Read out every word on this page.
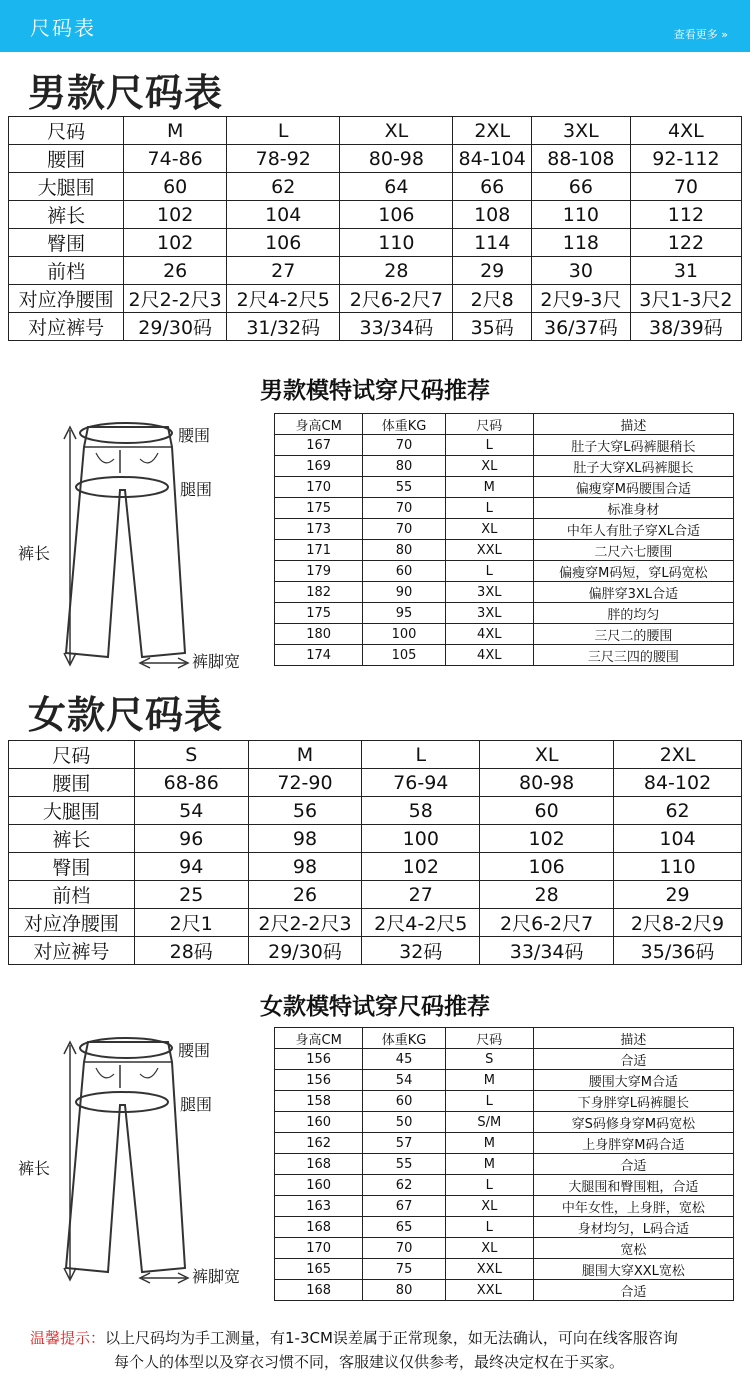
尺码表	查看更多 »
男款尺码表
尺码	M	L	XL	2XL	3XL	4XL
腰围	74-86	78-92	80-98	84-104	88-108	92-112
大腿围	60	62	64	66	66	70
裤长	102	104	106	108	110	112
臀围	102	106	110	114	118	122
前档	26	27	28	29	30	31
对应净腰围	2尺2-2尺3	2尺4-2尺5	2尺6-2尺7	2尺8	2尺9-3尺	3尺1-3尺2
对应裤号	29/30码	31/32码	33/34码	35码	36/37码	38/39码
男款模特试穿尺码推荐
腰围
腿围
裤长
裤脚宽
身高CM	体重KG	尺码	描述
167	70	L	肚子大穿L码裤腿稍长
169	80	XL	肚子大穿XL码裤腿长
170	55	M	偏瘦穿M码腰围合适
175	70	L	标准身材
173	70	XL	中年人有肚子穿XL合适
171	80	XXL	二尺六七腰围
179	60	L	偏瘦穿M码短，穿L码宽松
182	90	3XL	偏胖穿3XL合适
175	95	3XL	胖的均匀
180	100	4XL	三尺二的腰围
174	105	4XL	三尺三四的腰围
女款尺码表
尺码	S	M	L	XL	2XL
腰围	68-86	72-90	76-94	80-98	84-102
大腿围	54	56	58	60	62
裤长	96	98	100	102	104
臀围	94	98	102	106	110
前档	25	26	27	28	29
对应净腰围	2尺1	2尺2-2尺3	2尺4-2尺5	2尺6-2尺7	2尺8-2尺9
对应裤号	28码	29/30码	32码	33/34码	35/36码
女款模特试穿尺码推荐
腰围
腿围
裤长
裤脚宽
身高CM	体重KG	尺码	描述
156	45	S	合适
156	54	M	腰围大穿M合适
158	60	L	下身胖穿L码裤腿长
160	50	S/M	穿S码修身穿M码宽松
162	57	M	上身胖穿M码合适
168	55	M	合适
160	62	L	大腿围和臀围粗，合适
163	67	XL	中年女性，上身胖，宽松
168	65	L	身材均匀，L码合适
170	70	XL	宽松
165	75	XXL	腿围大穿XXL宽松
168	80	XXL	合适
温馨提示：以上尺码均为手工测量，有1-3CM误差属于正常现象，如无法确认，可向在线客服咨询
每个人的体型以及穿衣习惯不同，客服建议仅供参考，最终决定权在于买家。
